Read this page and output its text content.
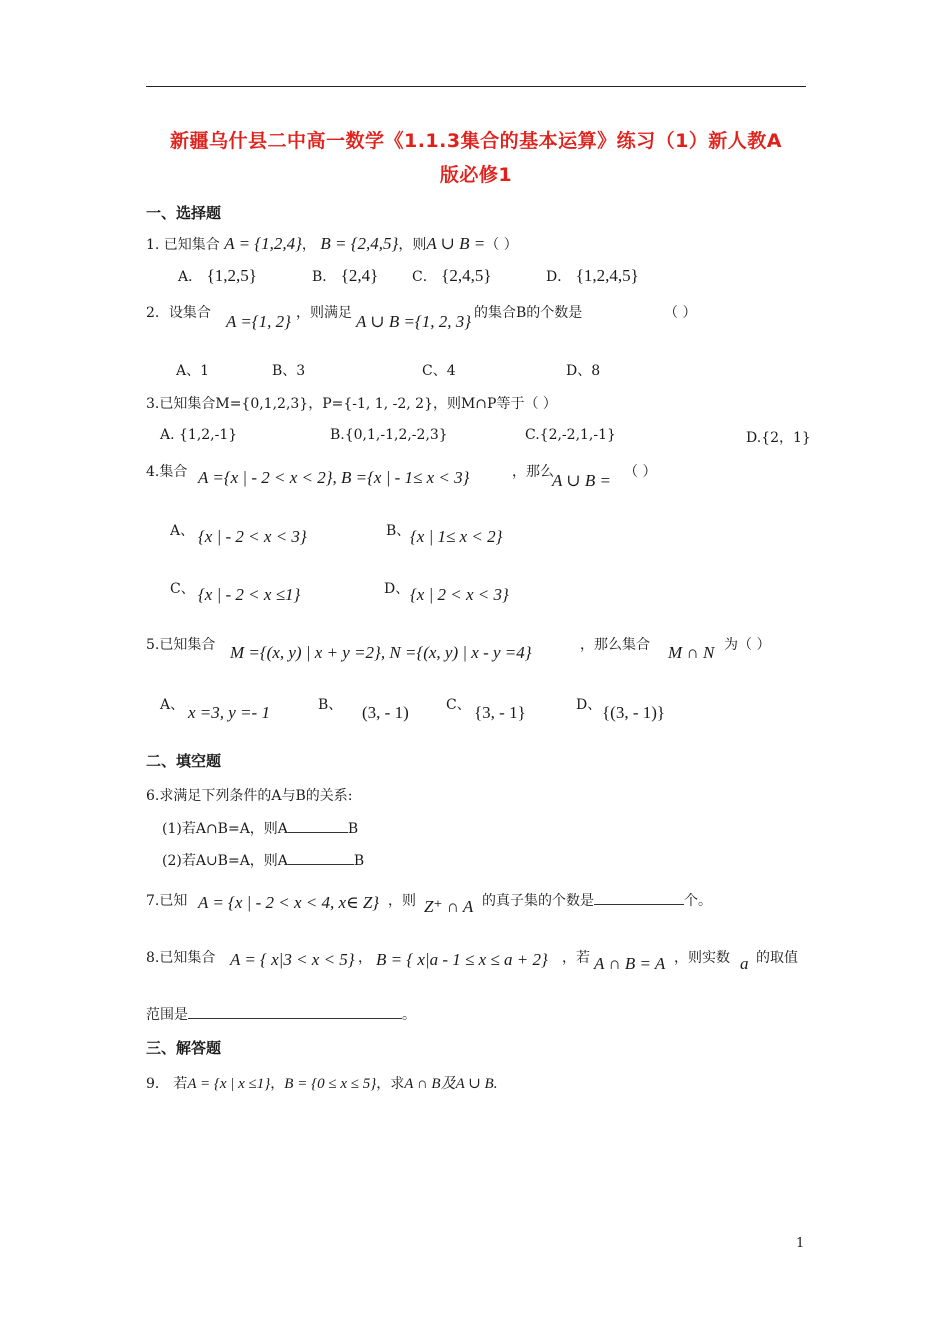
新疆乌什县二中高一数学《1.1.3集合的基本运算》练习（1）新人教A
版必修1
一、选择题
1. 已知集合 A = {1,2,4}， B = {2,4,5}，则A ∪ B =（ ）
A． {1,2,5}	B． {2,4} C． {2,4,5}	D． {1,2,4,5}
2．设集合 A ={1, 2} ，则满足 A ∪ B ={1, 2, 3} 的集合B的个数是	（ ）
A、1	B、3	C、4	D、8
3.已知集合M={0,1,2,3}，P={-1, 1, -2, 2}，则M∩P等于（ ）
A. {1,2,-1}	B.{0,1,-1,2,-2,3}	C.{2,-2,1,-1}	D.{2，1}
4.集合 A ={x | - 2 < x < 2}, B ={x | - 1≤ x < 3}	，那么
A ∪ B = （ ）
A、 {x | - 2 < x < 3}	B、 {x | 1≤ x < 2}
C、 {x | - 2 < x ≤1}	D、 {x | 2 < x < 3}
5.已知集合 M ={(x, y) | x + y =2}, N ={(x, y) | x - y =4}	，那么集合 M ∩ N 为（ ）
A、 x =3, y =- 1	B、 (3, - 1)	C、 {3, - 1}	D、 {(3, - 1)}
二、填空题
6.求满足下列条件的A与B的关系:
(1)若A∩B=A，则A	B
(2)若A∪B=A，则A	B
7.已知 A = {x | - 2 < x < 4, x∈ Z} ，则 Z⁺ ∩ A 的真子集的个数是	个。
8.已知集合 A = { x|3 < x < 5} ， B = { x|a - 1 ≤ x ≤ a + 2} ，若 A ∩ B = A ，则实数 a 的取值
范围是	。
三、解答题
9． 若A = {x | x ≤1}，B = {0 ≤ x ≤ 5}，求A ∩ B及A ∪ B.
1
